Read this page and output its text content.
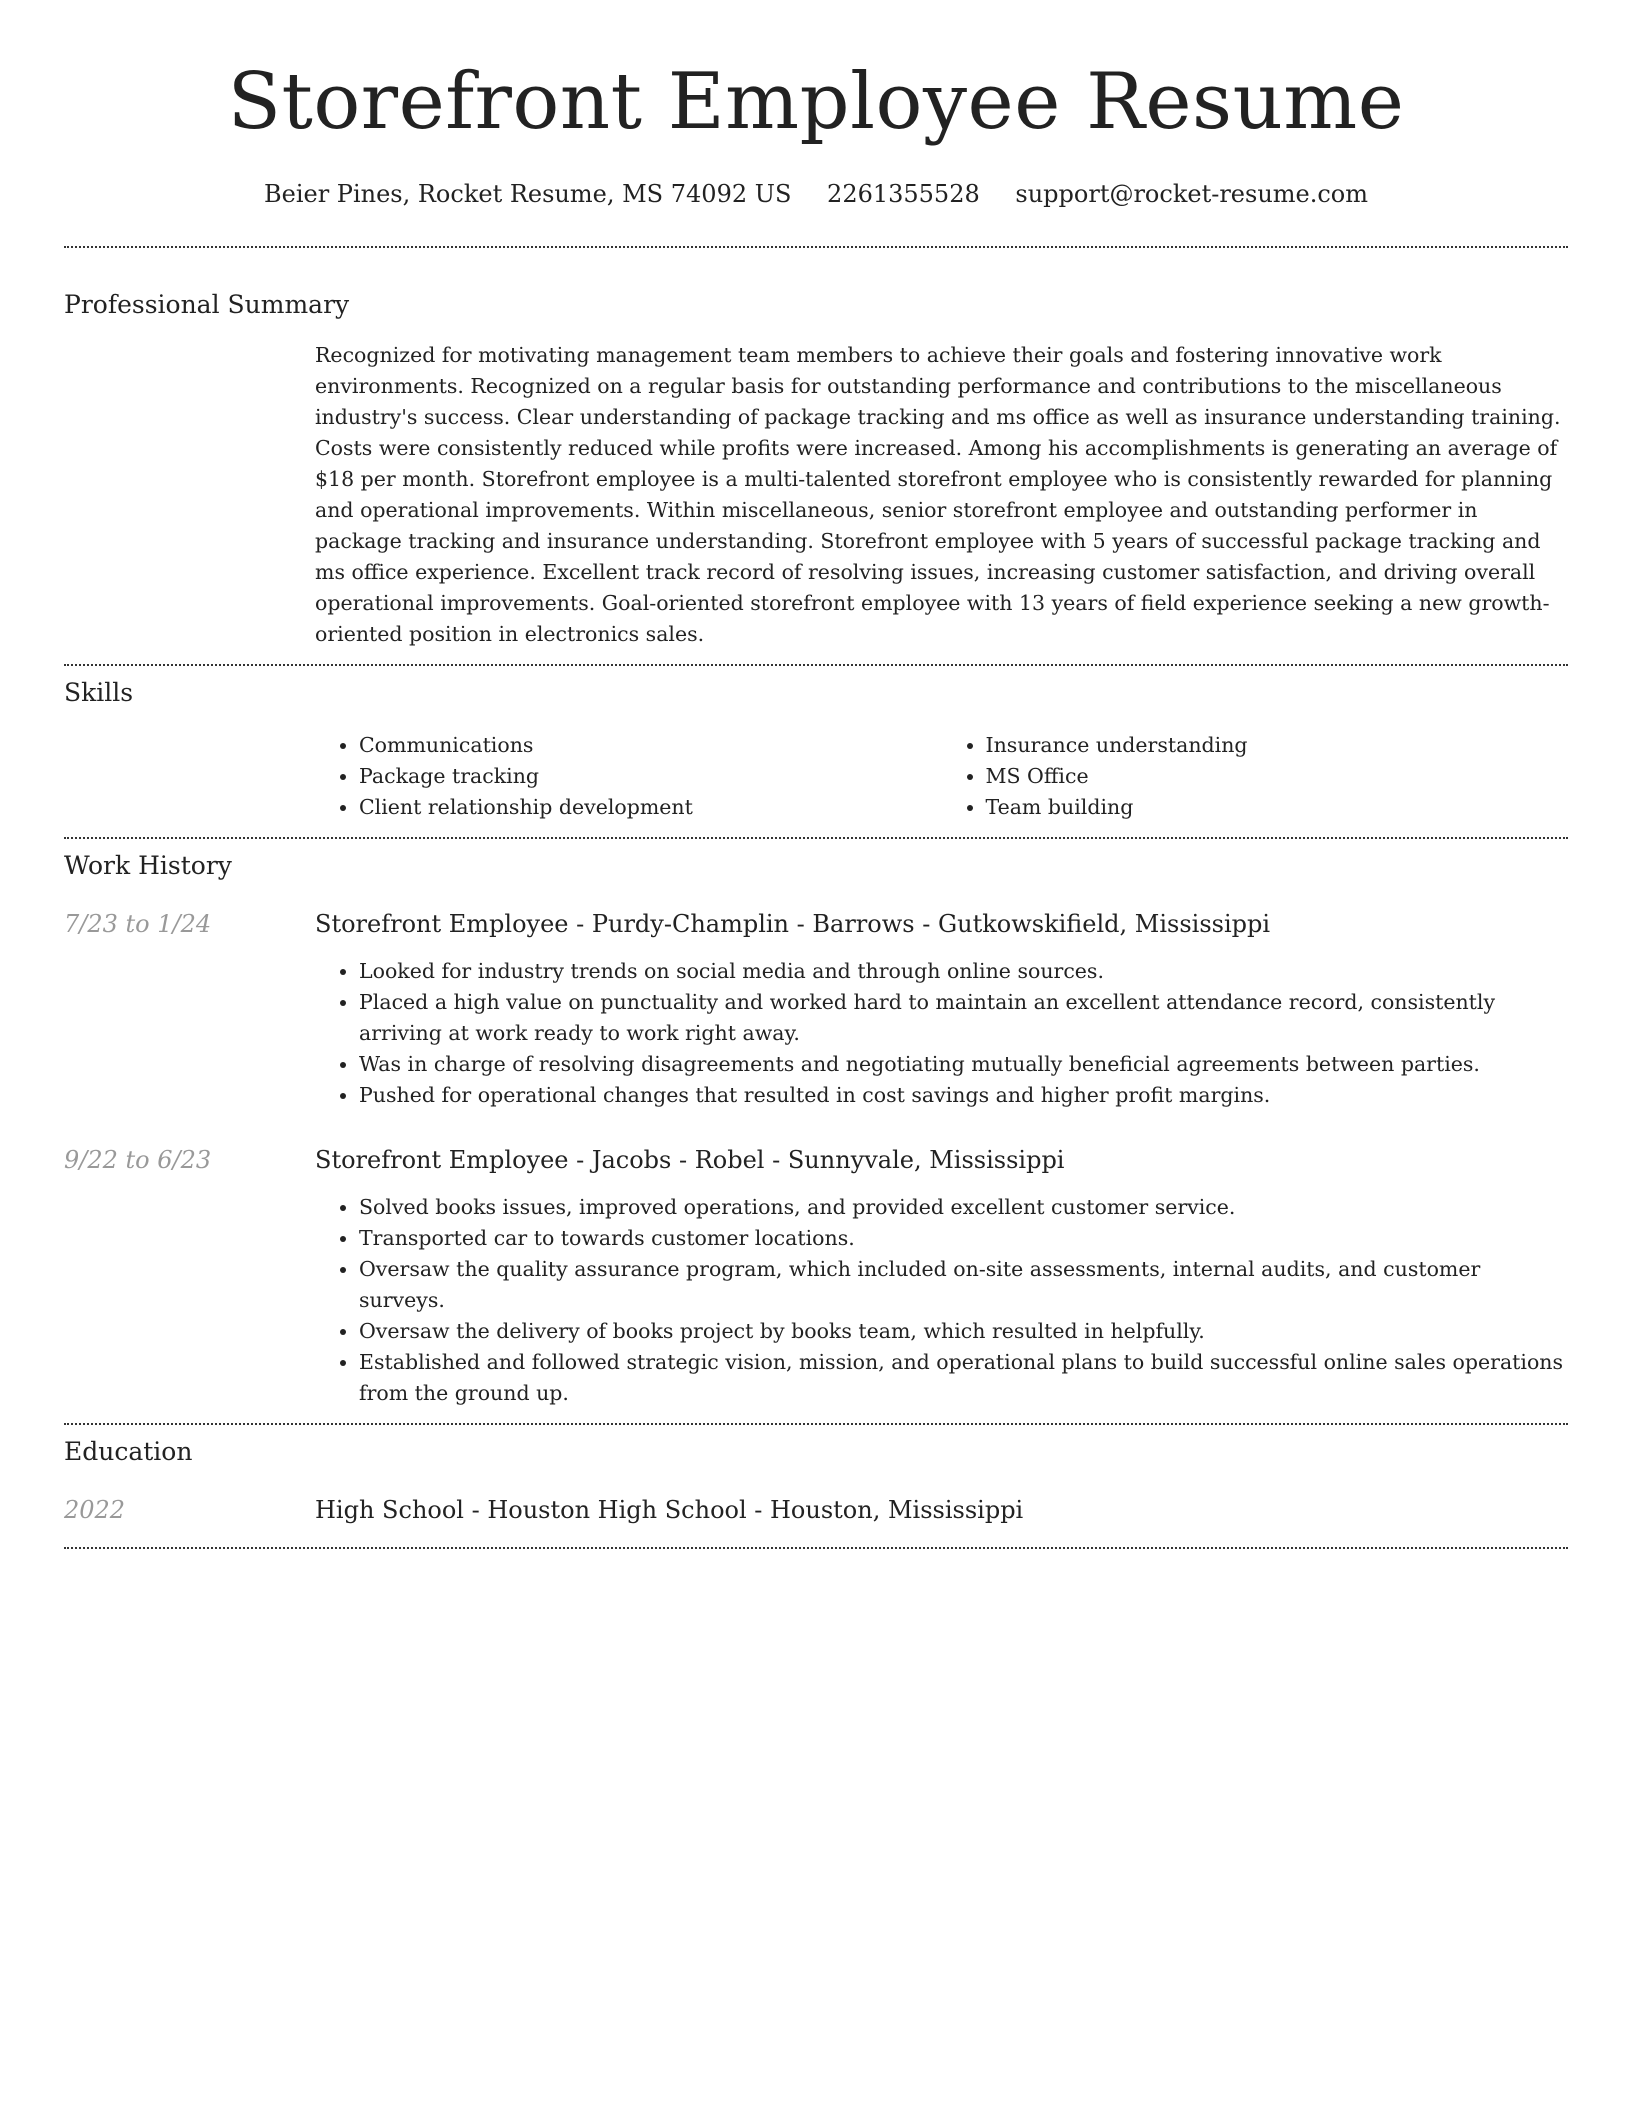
Storefront Employee Resume
Beier Pines, Rocket Resume, MS 74092 US 2261355528 support@rocket-resume.com
Professional Summary

Recognized for motivating management team members to achieve their goals and fostering innovative work environments. Recognized on a regular basis for outstanding performance and contributions to the miscellaneous industry's success. Clear understanding of package tracking and ms office as well as insurance understanding training. Costs were consistently reduced while profits were increased. Among his accomplishments is generating an average of $18 per month. Storefront employee is a multi-talented storefront employee who is consistently rewarded for planning and operational improvements. Within miscellaneous, senior storefront employee and outstanding performer in package tracking and insurance understanding. Storefront employee with 5 years of successful package tracking and ms office experience. Excellent track record of resolving issues, increasing customer satisfaction, and driving overall operational improvements. Goal-oriented storefront employee with 13 years of field experience seeking a new growth-oriented position in electronics sales.

Skills
• Communications
• Package tracking
• Client relationship development
• Insurance understanding
• MS Office
• Team building
Work History
7/23 to 1/24	Storefront Employee - Purdy-Champlin - Barrows - Gutkowskifield, Mississippi
• Looked for industry trends on social media and through online sources.
• Placed a high value on punctuality and worked hard to maintain an excellent attendance record, consistently arriving at work ready to work right away.
• Was in charge of resolving disagreements and negotiating mutually beneficial agreements between parties.
• Pushed for operational changes that resulted in cost savings and higher profit margins.
9/22 to 6/23	Storefront Employee - Jacobs - Robel - Sunnyvale, Mississippi
• Solved books issues, improved operations, and provided excellent customer service.
• Transported car to towards customer locations.
• Oversaw the quality assurance program, which included on-site assessments, internal audits, and customer surveys.
• Oversaw the delivery of books project by books team, which resulted in helpfully.
• Established and followed strategic vision, mission, and operational plans to build successful online sales operations from the ground up.
Education
2022	High School - Houston High School - Houston, Mississippi
